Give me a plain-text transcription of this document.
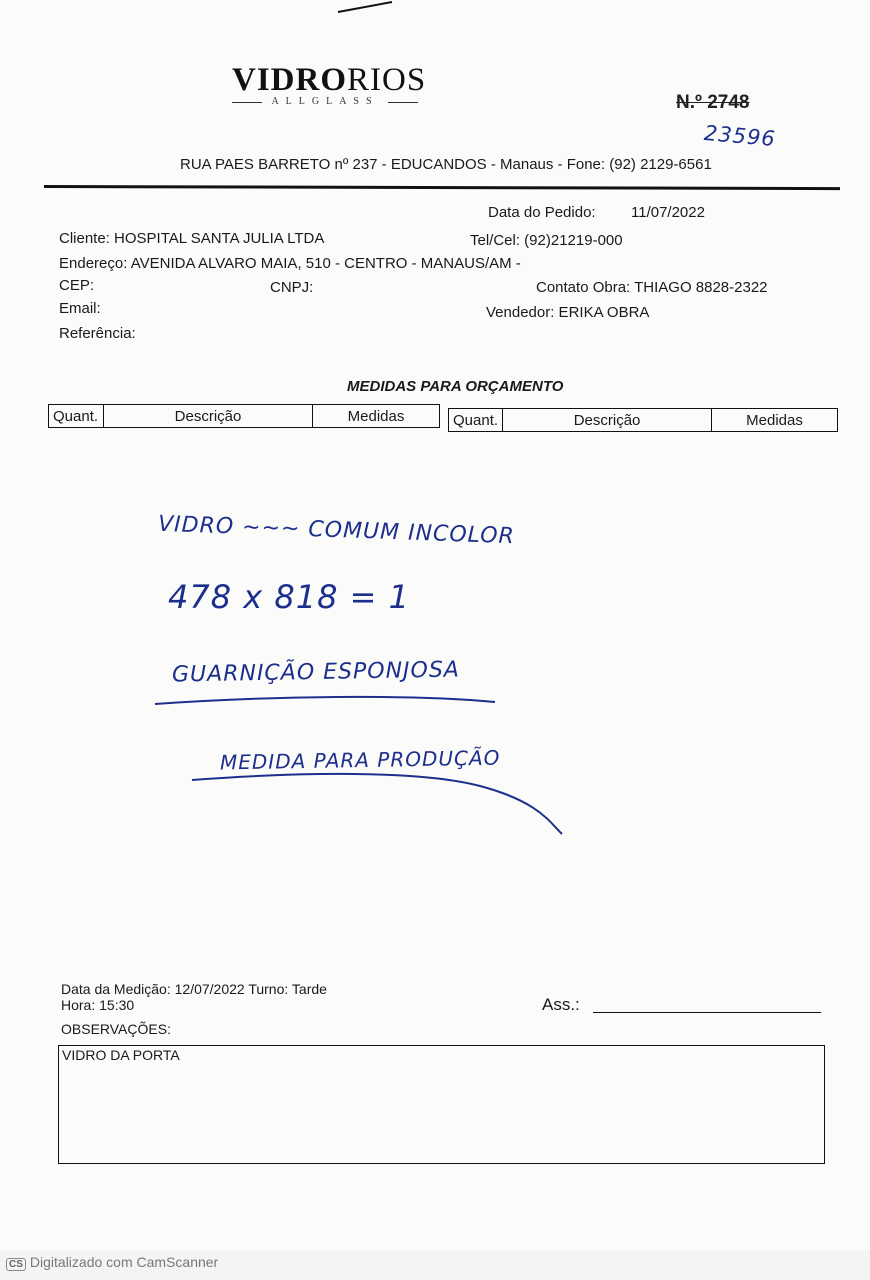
VIDRORIOS
ALLGLASS	N.º 2748
23596
RUA PAES BARRETO nº 237 - EDUCANDOS - Manaus - Fone: (92) 2129-6561
Data do Pedido: 11/07/2022
Cliente: HOSPITAL SANTA JULIA LTDA	Tel/Cel: (92)21219-000
Endereço: AVENIDA ALVARO MAIA, 510 - CENTRO - MANAUS/AM -
CEP:	CNPJ:	Contato Obra: THIAGO 8828-2322
Email:	Vendedor: ERIKA OBRA
Referência:
MEDIDAS PARA ORÇAMENTO
Quant.	Descrição	Medidas	Quant.	Descrição	Medidas
VIDRO ~~~ COMUM INCOLOR
478 x 818 = 1
GUARNIÇÃO ESPONJOSA
MEDIDA PARA PRODUÇÃO
Data da Medição: 12/07/2022 Turno: Tarde
Hora: 15:30	Ass.:
OBSERVAÇÕES:
VIDRO DA PORTA
CS Digitalizado com CamScanner
